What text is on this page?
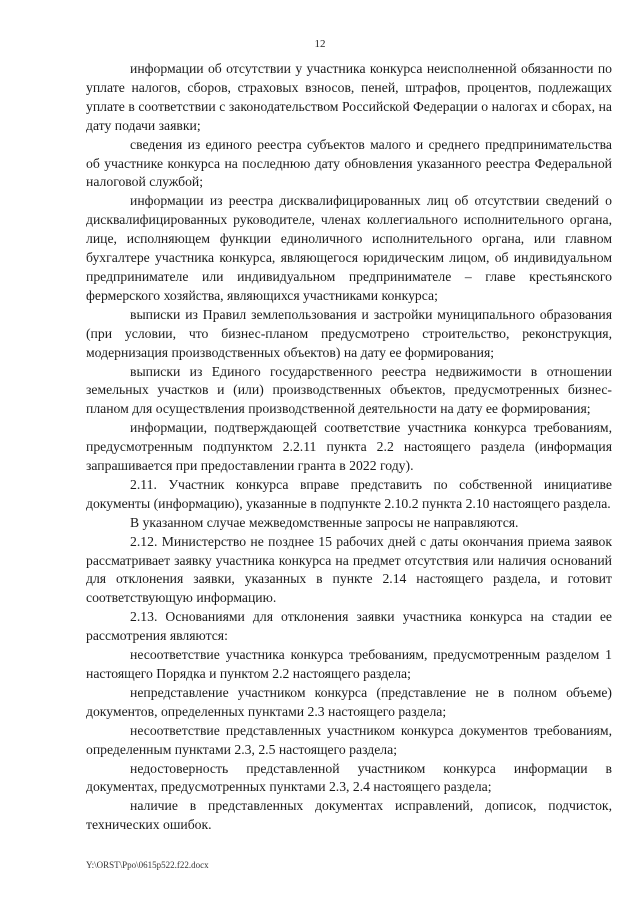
12

информации об отсутствии у участника конкурса неисполненной обязанности по уплате налогов, сборов, страховых взносов, пеней, штрафов, процентов, подлежащих уплате в соответствии с законодательством Российской Федерации о налогах и сборах, на дату подачи заявки;

сведения из единого реестра субъектов малого и среднего предпринимательства об участнике конкурса на последнюю дату обновления указанного реестра Федеральной налоговой службой;

информации из реестра дисквалифицированных лиц об отсутствии сведений о дисквалифицированных руководителе, членах коллегиального исполнительного органа, лице, исполняющем функции единоличного исполнительного органа, или главном бухгалтере участника конкурса, являющегося юридическим лицом, об индивидуальном предпринимателе или индивидуальном предпринимателе – главе крестьянского фермерского хозяйства, являющихся участниками конкурса;

выписки из Правил землепользования и застройки муниципального образования (при условии, что бизнес-планом предусмотрено строительство, реконструкция, модернизация производственных объектов) на дату ее формирования;

выписки из Единого государственного реестра недвижимости в отношении земельных участков и (или) производственных объектов, предусмотренных бизнес-планом для осуществления производственной деятельности на дату ее формирования;

информации, подтверждающей соответствие участника конкурса требованиям, предусмотренным подпунктом 2.2.11 пункта 2.2 настоящего раздела (информация запрашивается при предоставлении гранта в 2022 году).

2.11. Участник конкурса вправе представить по собственной инициативе документы (информацию), указанные в подпункте 2.10.2 пункта 2.10 настоящего раздела.

В указанном случае межведомственные запросы не направляются.

2.12. Министерство не позднее 15 рабочих дней с даты окончания приема заявок рассматривает заявку участника конкурса на предмет отсутствия или наличия оснований для отклонения заявки, указанных в пункте 2.14 настоящего раздела, и готовит соответствующую информацию.

2.13. Основаниями для отклонения заявки участника конкурса на стадии ее рассмотрения являются:

несоответствие участника конкурса требованиям, предусмотренным разделом 1 настоящего Порядка и пунктом 2.2 настоящего раздела;

непредставление участником конкурса (представление не в полном объеме) документов, определенных пунктами 2.3 настоящего раздела;

несоответствие представленных участником конкурса документов требованиям, определенным пунктами 2.3, 2.5 настоящего раздела;

недостоверность представленной участником конкурса информации в документах, предусмотренных пунктами 2.3, 2.4 настоящего раздела;

наличие в представленных документах исправлений, дописок, подчисток, технических ошибок.

Y:\ORST\Ppo\0615p522.f22.docx
